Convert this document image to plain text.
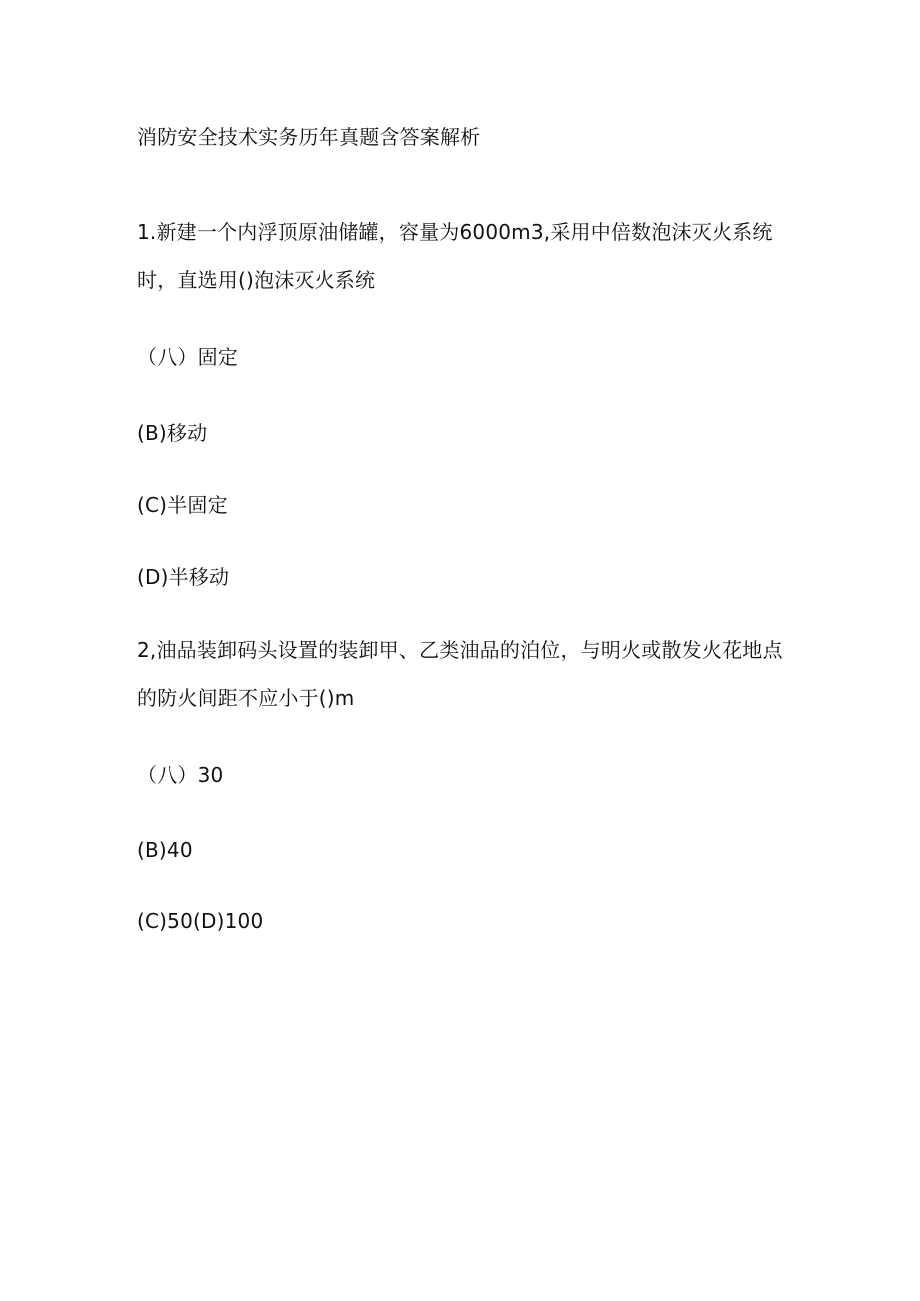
消防安全技术实务历年真题含答案解析
1.新建一个内浮顶原油储罐，容量为6000m3,采用中倍数泡沫灭火系统
时，直选用()泡沫灭火系统
（八）固定
(B)移动
(C)半固定
(D)半移动
2,油品装卸码头设置的装卸甲、乙类油品的泊位，与明火或散发火花地点
的防火间距不应小于()m
（八）30
(B)40
(C)50(D)100
